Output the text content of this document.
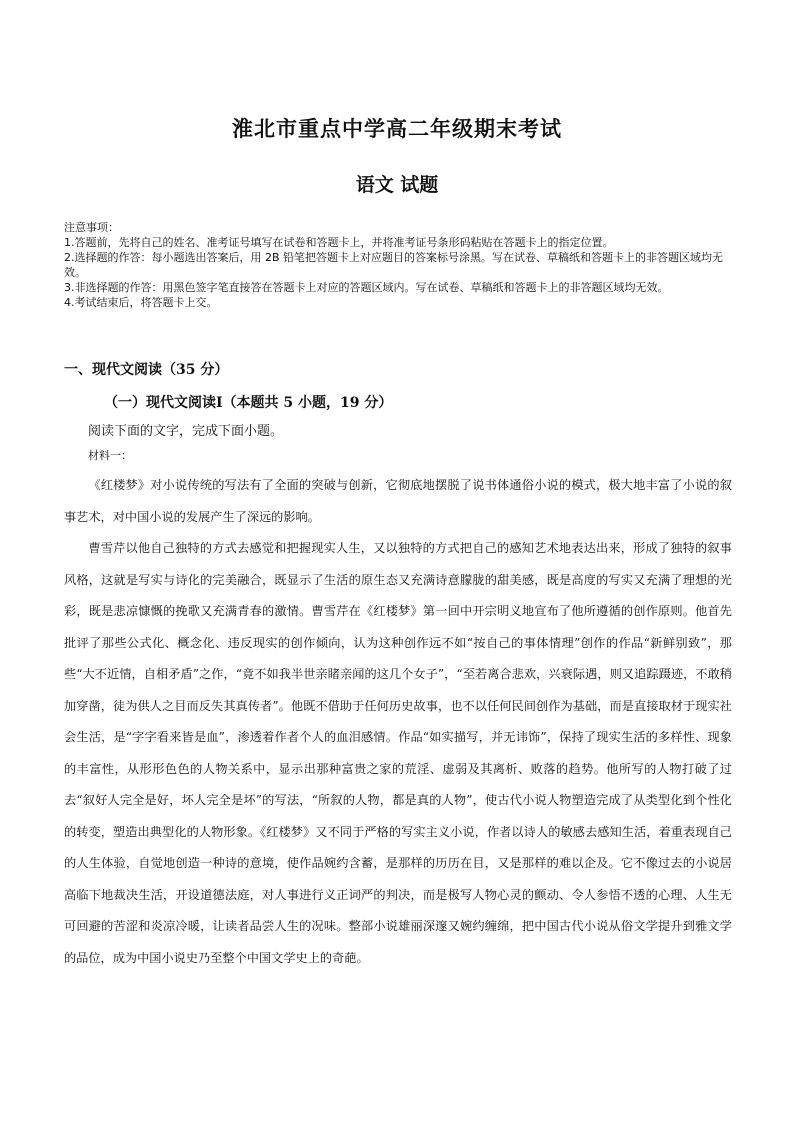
淮北市重点中学高二年级期末考试
语文 试题
注意事项：
1.答题前，先将自己的姓名、准考证号填写在试卷和答题卡上，并将准考证号条形码粘贴在答题卡上的指定位置。
2.选择题的作答：每小题选出答案后，用 2B 铅笔把答题卡上对应题目的答案标号涂黑。写在试卷、草稿纸和答题卡上的非答题区域均无效。
3.非选择题的作答：用黑色签字笔直接答在答题卡上对应的答题区域内。写在试卷、草稿纸和答题卡上的非答题区域均无效。
4.考试结束后，将答题卡上交。
一、现代文阅读（35 分）
（一）现代文阅读Ⅰ（本题共 5 小题，19 分）
阅读下面的文字，完成下面小题。
材料一：

《红楼梦》对小说传统的写法有了全面的突破与创新，它彻底地摆脱了说书体通俗小说的模式，极大地丰富了小说的叙事艺术，对中国小说的发展产生了深远的影响。

曹雪芹以他自己独特的方式去感觉和把握现实人生，又以独特的方式把自己的感知艺术地表达出来，形成了独特的叙事风格，这就是写实与诗化的完美融合，既显示了生活的原生态又充满诗意朦胧的甜美感，既是高度的写实又充满了理想的光彩，既是悲凉慷慨的挽歌又充满青春的激情。曹雪芹在《红楼梦》第一回中开宗明义地宣布了他所遵循的创作原则。他首先批评了那些公式化、概念化、违反现实的创作倾向，认为这种创作远不如“按自己的事体情理”创作的作品“新鲜别致”，那些“大不近情，自相矛盾”之作，“竟不如我半世亲睹亲闻的这几个女子”，“至若离合悲欢，兴衰际遇，则又追踪蹑迹，不敢稍加穿凿，徒为供人之目而反失其真传者”。他既不借助于任何历史故事，也不以任何民间创作为基础，而是直接取材于现实社会生活，是“字字看来皆是血”，渗透着作者个人的血泪感情。作品“如实描写，并无讳饰”，保持了现实生活的多样性、现象的丰富性，从形形色色的人物关系中，显示出那种富贵之家的荒淫、虚弱及其离析、败落的趋势。他所写的人物打破了过去“叙好人完全是好，坏人完全是坏”的写法，“所叙的人物，都是真的人物”，使古代小说人物塑造完成了从类型化到个性化的转变，塑造出典型化的人物形象。《红楼梦》又不同于严格的写实主义小说，作者以诗人的敏感去感知生活，着重表现自己的人生体验，自觉地创造一种诗的意境，使作品婉约含蓄，是那样的历历在目，又是那样的难以企及。它不像过去的小说居高临下地裁决生活，开设道德法庭，对人事进行义正词严的判决，而是极写人物心灵的颤动、令人参悟不透的心理、人生无可回避的苦涩和炎凉冷暖，让读者品尝人生的况味。整部小说雄丽深邃又婉约缠绵，把中国古代小说从俗文学提升到雅文学的品位，成为中国小说史乃至整个中国文学史上的奇葩。
